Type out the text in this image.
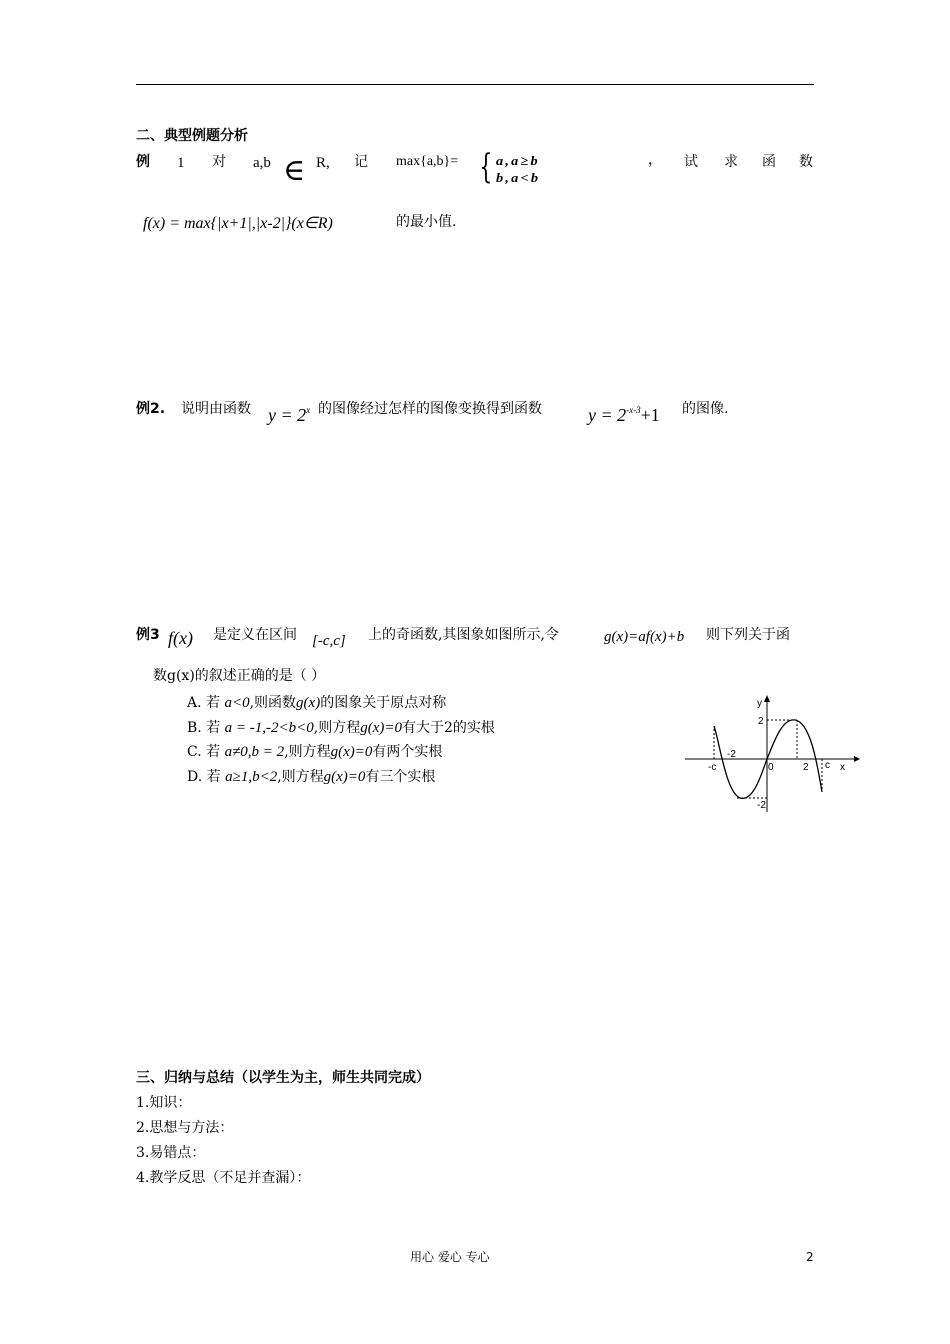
二、典型例题分析
例 1 对 a,b ∈ R, 记 max{a,b}= { a,a≥b
b,a<b
， 试 求 函 数
f(x) = max{|x+1|,|x-2|}(x∈R)	的最小值.
例2. 说明由函数 $y = 2^x$ 的图像经过怎样的图像变换得到函数	$y = 2^{-x-3}+1$ 的图像.
例3 f(x) 是定义在区间 [-c,c] 上的奇函数,其图象如图所示,令	g(x)=af(x)+b 则下列关于函
数g(x)的叙述正确的是（ ）
A. 若 a<0,则函数g(x)的图象关于原点对称
B. 若 a = -1,-2<b<0,则方程g(x)=0有大于2的实根
C. 若 a≠0,b = 2,则方程g(x)=0有两个实根
D. 若 a≥1,b<2,则方程g(x)=0有三个实根
y
x
2
-2
-c
-2
0	2 c
三、归纳与总结（以学生为主，师生共同完成）
1.知识：
2.思想与方法：
3.易错点：
4.教学反思（不足并查漏）：
用心 爱心 专心	2
